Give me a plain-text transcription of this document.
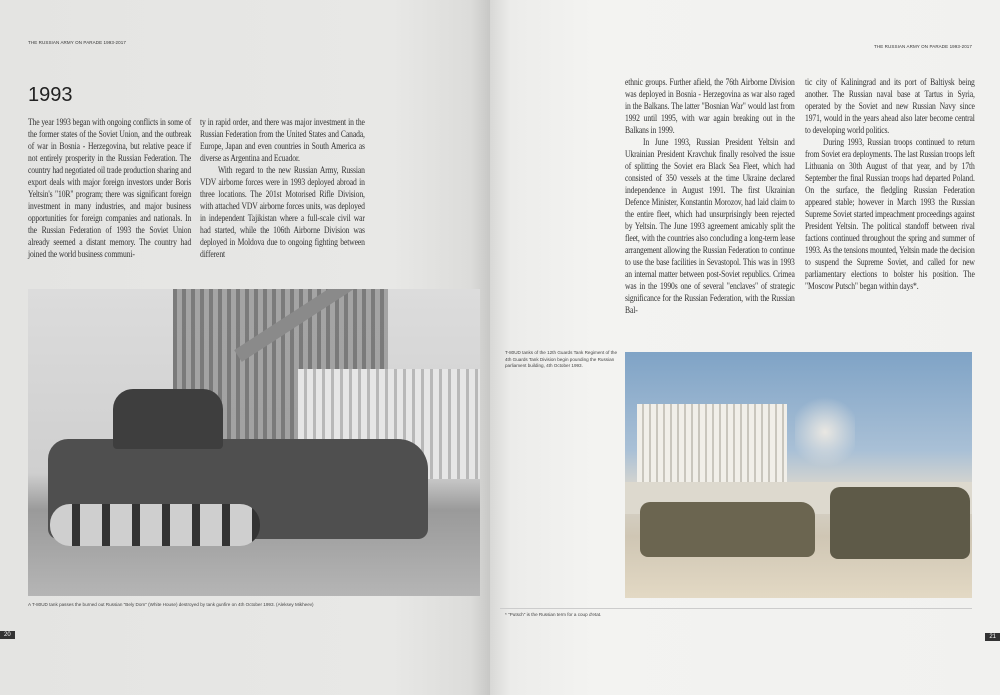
THE RUSSIAN ARMY ON PARADE 1993-2017
1993

The year 1993 began with ongoing conflicts in some of the former states of the Soviet Union, and the outbreak of war in Bosnia - Herzegovina, but relative peace if not entirely prosperity in the Russian Federation. The country had negotiated oil trade production sharing and export deals with major foreign investors under Boris Yeltsin's "10R" program; there was significant foreign investment in many industries, and major business opportunities for foreign companies and nationals. In the Russian Federation of 1993 the Soviet Union already seemed a distant memory. The country had joined the world business communi-

ty in rapid order, and there was major investment in the Russian Federation from the United States and Canada, Europe, Japan and even countries in South America as diverse as Argentina and Ecuador.

With regard to the new Russian Army, Russian VDV airborne forces were in 1993 deployed abroad in three locations. The 201st Motorised Rifle Division, with attached VDV airborne forces units, was deployed in independent Tajikistan where a full-scale civil war had started, while the 106th Airborne Division was deployed in Moldova due to ongoing fighting between different

A T-80UD tank passes the burned out Russian "Bely Dom" (White House) destroyed by tank gunfire on 4th October 1993. (Aleksey Mikheev)
20
THE RUSSIAN ARMY ON PARADE 1993-2017

ethnic groups. Further afield, the 76th Airborne Division was deployed in Bosnia - Herzegovina as war also raged in the Balkans. The latter "Bosnian War" would last from 1992 until 1995, with war again breaking out in the Balkans in 1999.

In June 1993, Russian President Yeltsin and Ukrainian President Kravchuk finally resolved the issue of splitting the Soviet era Black Sea Fleet, which had consisted of 350 vessels at the time Ukraine declared independence in August 1991. The first Ukrainian Defence Minister, Konstantin Morozov, had laid claim to the entire fleet, which had unsurprisingly been rejected by Yeltsin. The June 1993 agreement amicably split the fleet, with the countries also concluding a long-term lease arrangement allowing the Russian Federation to continue to use the base facilities in Sevastopol. This was in 1993 an internal matter between post-Soviet republics. Crimea was in the 1990s one of several "enclaves" of strategic significance for the Russian Federation, with the Russian Bal-

tic city of Kaliningrad and its port of Baltiysk being another. The Russian naval base at Tartus in Syria, operated by the Soviet and new Russian Navy since 1971, would in the years ahead also later become central to developing world politics.

During 1993, Russian troops continued to return from Soviet era deployments. The last Russian troops left Lithuania on 30th August of that year, and by 17th September the final Russian troops had departed Poland. On the surface, the fledgling Russian Federation appeared stable; however in March 1993 the Russian Supreme Soviet started impeachment proceedings against President Yeltsin. The political standoff between rival factions continued throughout the spring and summer of 1993. As the tensions mounted, Yeltsin made the decision to suspend the Supreme Soviet, and called for new parliamentary elections to bolster his position. The "Moscow Putsch" began within days*.

T-80UD tanks of the 12th Guards Tank Regiment of the 4th Guards Tank Division begin pounding the Russian parliament building, 4th October 1993.
* "Putsch" is the Russian term for a coup d'etat.
21
